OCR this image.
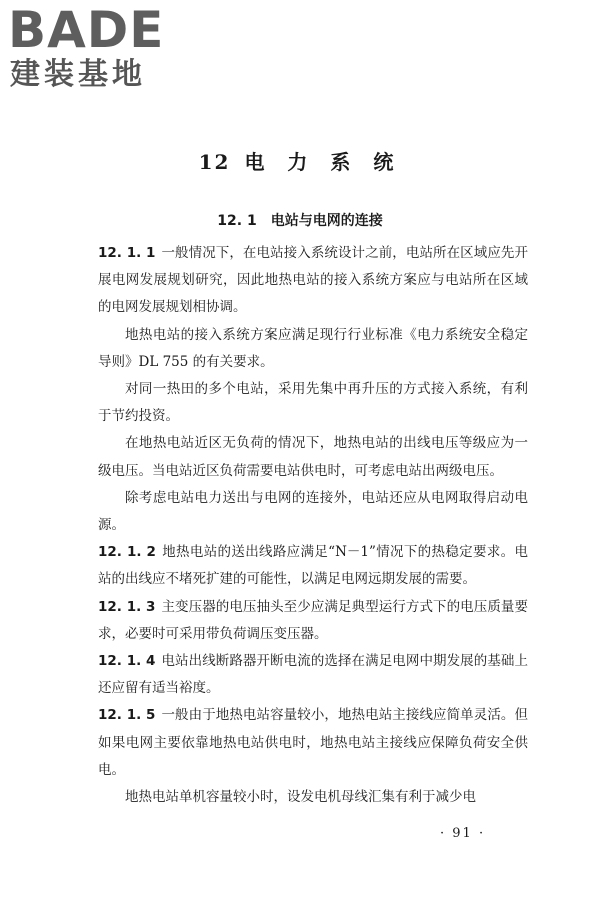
BADE
建装基地
12 电 力 系 统
12. 1 电站与电网的连接

12. 1. 1 一般情况下，在电站接入系统设计之前，电站所在区域应先开展电网发展规划研究，因此地热电站的接入系统方案应与电站所在区域的电网发展规划相协调。

地热电站的接入系统方案应满足现行行业标准《电力系统安全稳定导则》DL 755 的有关要求。

对同一热田的多个电站，采用先集中再升压的方式接入系统，有利于节约投资。

在地热电站近区无负荷的情况下，地热电站的出线电压等级应为一级电压。当电站近区负荷需要电站供电时，可考虑电站出两级电压。

除考虑电站电力送出与电网的连接外，电站还应从电网取得启动电源。

12. 1. 2 地热电站的送出线路应满足“N－1”情况下的热稳定要求。电站的出线应不堵死扩建的可能性，以满足电网远期发展的需要。

12. 1. 3 主变压器的电压抽头至少应满足典型运行方式下的电压质量要求，必要时可采用带负荷调压变压器。

12. 1. 4 电站出线断路器开断电流的选择在满足电网中期发展的基础上还应留有适当裕度。

12. 1. 5 一般由于地热电站容量较小，地热电站主接线应简单灵活。但如果电网主要依靠地热电站供电时，地热电站主接线应保障负荷安全供电。

地热电站单机容量较小时，设发电机母线汇集有利于减少电

· 91 ·
